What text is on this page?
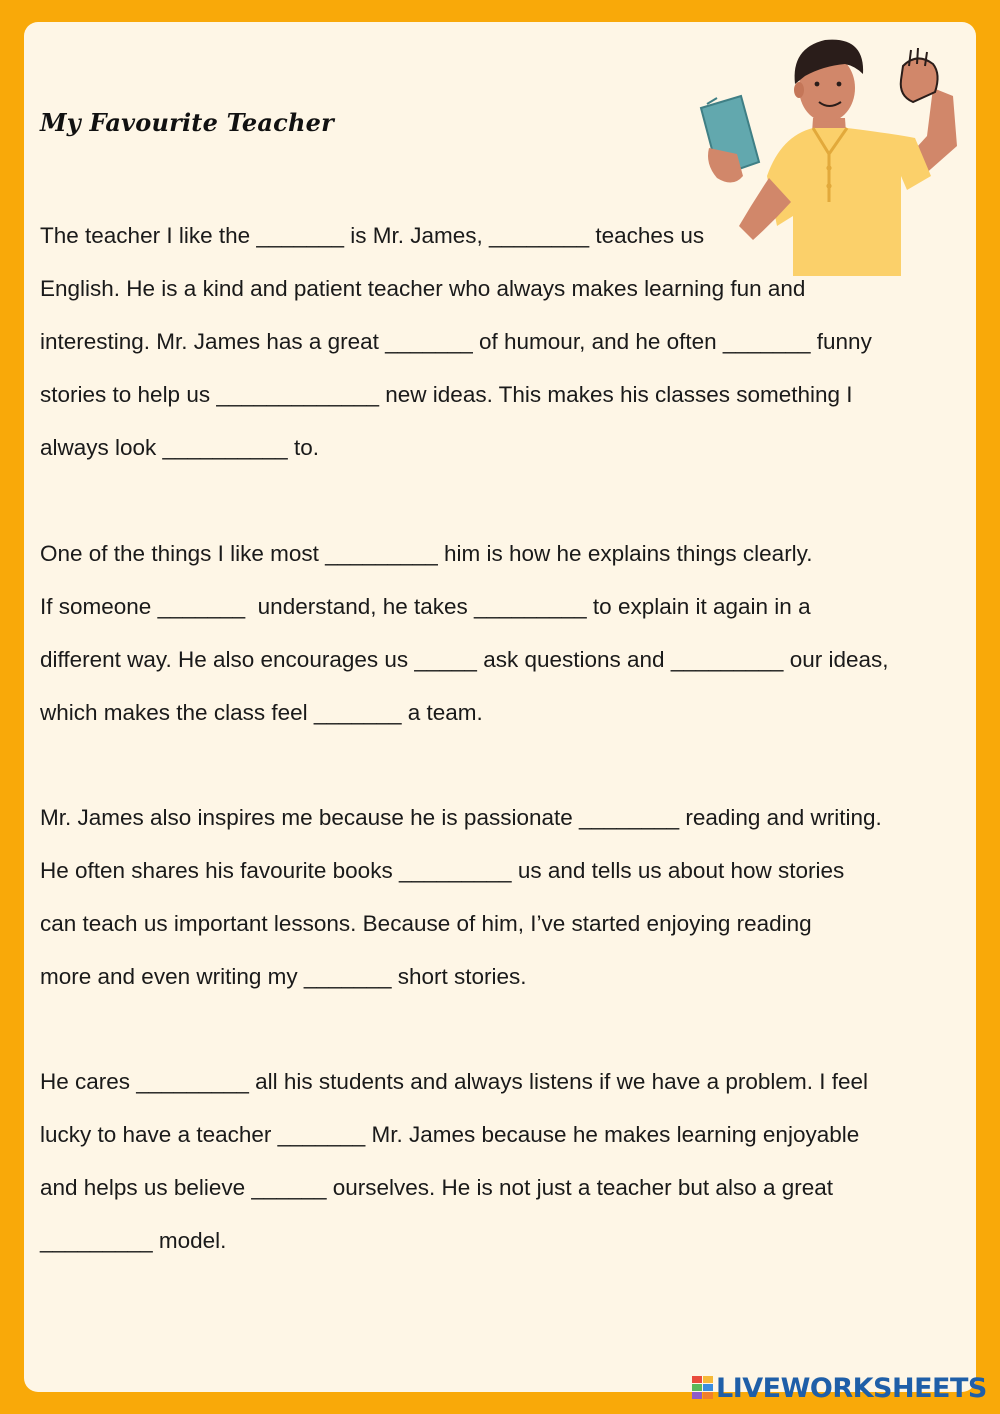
My Favourite Teacher
The teacher I like the _______ is Mr. James, ________ teaches us
English. He is a kind and patient teacher who always makes learning fun and
interesting. Mr. James has a great _______ of humour, and he often _______ funny
stories to help us _____________ new ideas. This makes his classes something I
always look __________ to.
One of the things I like most _________ him is how he explains things clearly.
If someone _______  understand, he takes _________ to explain it again in a
different way. He also encourages us _____ ask questions and _________ our ideas,
which makes the class feel _______ a team.
Mr. James also inspires me because he is passionate ________ reading and writing.
He often shares his favourite books _________ us and tells us about how stories
can teach us important lessons. Because of him, I’ve started enjoying reading
more and even writing my _______ short stories.
He cares _________ all his students and always listens if we have a problem. I feel
lucky to have a teacher _______ Mr. James because he makes learning enjoyable
and helps us believe ______ ourselves. He is not just a teacher but also a great
_________ model.
LIVEWORKSHEETS
